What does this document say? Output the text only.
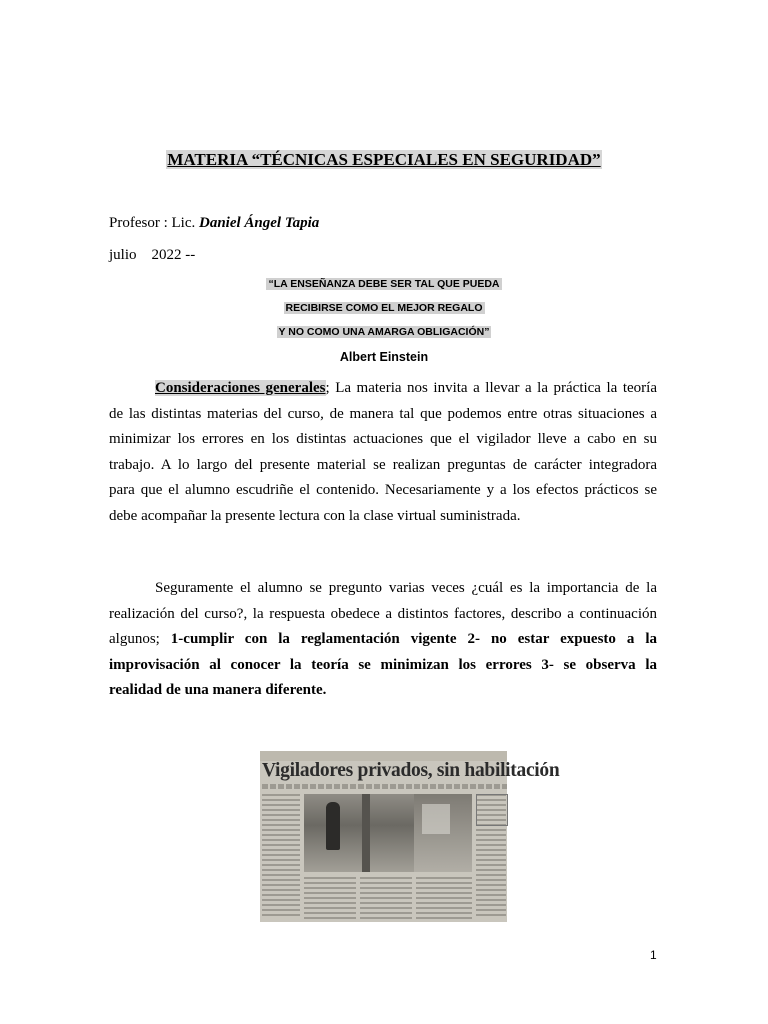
MATERIA “TÉCNICAS ESPECIALES EN SEGURIDAD”
Profesor : Lic. Daniel Ángel Tapia
julio    2022 --
“LA ENSEÑANZA DEBE SER TAL QUE PUEDA
RECIBIRSE COMO EL MEJOR REGALO
Y NO COMO UNA AMARGA OBLIGACIÓN”
Albert Einstein
Consideraciones generales; La materia nos invita a llevar a la práctica la teoría
de las distintas materias del curso, de manera tal que podemos entre otras situaciones a
minimizar los errores en los distintas actuaciones que el vigilador lleve a cabo en su
trabajo. A lo largo del presente material se realizan preguntas de carácter integradora
para que el alumno escudriñe el contenido. Necesariamente y a los efectos prácticos se
debe acompañar la presente lectura con la clase virtual suministrada.
Seguramente el alumno se pregunto varias veces ¿cuál es la importancia de la
realización del curso?, la respuesta obedece a distintos factores, describo a continuación
algunos; 1-cumplir con la reglamentación vigente 2- no estar expuesto a la
improvisación al conocer la teoría se minimizan los errores 3- se observa la
realidad de una manera diferente.
Vigiladores privados, sin habilitación
1
